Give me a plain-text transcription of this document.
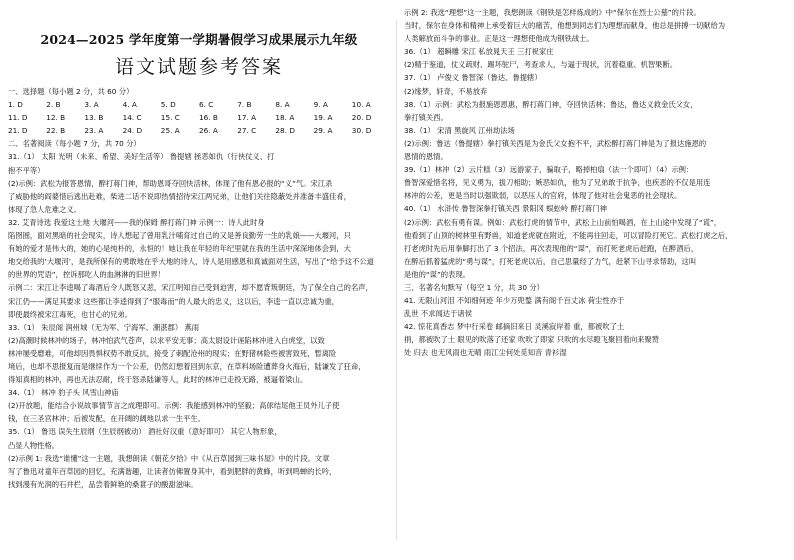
2024—2025 学年度第一学期暑假学习成果展示九年级
语文试题参考答案
一、选择题（每小题 2 分，共 60 分）
1. D	2. B	3. A	4. A	5. D	6. C	7. B	8. A	9. A	10. A
11. D	12. B	13. B	14. C	15. C	16. B	17. A	18. A	19. A	20. D
21. D	22. B	23. A	24. D	25. A	26. A	27. C	28. D	29. A	30. D
二、名著阅读（每小题 7 分，共 70 分）
31.（1） 太阳 光明（未来、希望、美好生活等） 鲁提辖 拯恶如仇（行侠仗义、打
抱不平等）
(2)示例：武松为报答恩情，醉打蒋门神，帮助恩哥夺回快活林，体现了他有恩必报的“义”气。宋江杀
了威胁他的阎婆惜后逃出赴难，柴进二话不说即热情招待宋江两兄弟，让他们关往隐蔽处并准备丰盛佳肴，
体现了急人危难之义。
32. 艾青诗选 我爱这土地 大堰河——我的保姆 醉打蒋门神 示例一：诗人此时身
陷囹圄，面对黑暗的社会现实，诗人想起了曾用乳汁哺育过自己的又是善良勤劳一生的乳娘——大堰河，只
有她的爱才是伟大的，她的心是纯朴的，永恒的！她让我在年轻的年纪里就在我的生活中深深地体会到，大
地交给我的‘大堰河’，是我所保有的勇敢地在乎大地的诗人，诗人是用感恩和真诚面对生活，写出了“给予这不公道
的世界的咒语”，控诉那吃人的血淋淋的旧世界！
示例二：宋江让李逵喝了毒酒后令人既怒又悲，宋江明知自己受到迫害，却不愿背叛朝廷，为了保全自己的名声，
宋江仍——满足其要求 这些都让李逵得到了“服毒而”的人最大的忠义，这以后，李逵一直以忠诚为重，
即使最终被宋江毒死，也甘心的兄弟。
33.（1） 朱辰阁 润州城（无为军、宁海军、潮湛郡） 燕雨
(2)高潮时候林冲的场子，林冲怕武气苍声，以求平安无事；高太尉设计诬陷林冲进入白虎堂，以致
林冲屡受磨难，可他却因畏惧权势不敢反抗，接受了刺配沧州的现实；在野猪林险些被害致死，暂离险
境后，也却不思报复而是继续作为一个公差，仍然幻想着回到东京，在草料场险遭葬身火海后，陆谦发了狂命，
得知真相的林冲，再也无法忍耐，终于怒杀陆谦等人，此时的林冲已走投无路，被逼着梁山。
34.（1） 林冲 豹子头 风雪山神庙
(2)开放题，能结合小说故事情节言之成理即可。示例：我能感到林冲的坚毅；高俅结尾他王员外儿子使
钱，在三圣宫林冲；后被发配，在开阔的阔地以求一生平生。
35.（1） 鲁迅 误失生辰纲（生辰纲被动） 酒社好汉重（意好即可） 其它人物形象，
凸显人物性格。
(2)示例 1: 我选“谁懂”这一主题，我想朗读《朝花夕拾》中《从百草园到三味书屋》中的片段。文章
写了鲁迅对童年百草园的回忆，充满谐趣，让读者仿佛置身其中，看到肥胖的黄蜂，听到鸣蝉的长吟，
找到漫有光润的石井栏，品尝着鲜艳的桑葚子的酸甜滋味。
示例 2: 我选“理想”这一主题，我想朗读《钢铁是怎样炼成的》中“保尔在烈士公墓”的片段。
当时，保尔在身体和精神上承受着巨大的痛苦，他想到同志们为理想而献身，他总是拼搏一切献给为
人类解放而斗争的事业。正是这一理想使他成为钢铁战士。
36.（1） 超瞬雕 宋江 私放晁天王 三打祝家庄
(2)精于鉴道，仗义疏财、踢坏鸵尸，考查求人，与逼于现状，沉着稳重、机智果断。
37.（1） 卢俊义 鲁智深（鲁达、鲁提辖）
(2)缘梦，轩奇，不易放弃
38.（1）示例：武松为报施恩恩惠，醉打蒋门神，夺回快活林；鲁达，鲁达义救金氏父女，
拳打镇关西。
38.（1） 宋清 黑旋风 江州劫法场
(2)示例：鲁达（鲁提辖）拳打镇关西是为金氏父女抱不平，武松醉打蒋门神是为了报达施恩的
恩情的恩情。
39.（1）林冲（2）云片糕（3）远游家子，骗取子，略掉柏扇（法一个即可）（4）示例：
鲁智深爱惜名将，见义勇为，拔刀相助；嫉恶如仇，他为了兄弟敢于抗争，也疾恶的不仅是用连
林冲的公差，更是当时以强欺弱，以恶压人的官府，体现了他对社会鬼恶的社会现状。
40.（1） 水浒传 鲁智深拳打镇关西 景阳冈 蜈蚣岭 醉打蒋门神
(2)示例：武松有勇有谋。例如：武松打虎的情节中，武松上山前怕喝酒，在上山途中发现了“谎”，
他看到了山顶的树林里有野兽，知道老虎就在附近，不能再往回走，可以冒险打死它。武松打虎之后，
打老虎时先后用拳脚打出了 3 个招法，再次表现他的“谋”，而打死老虎后赶跑，在醉酒后，
在醉后抓着猛虎的“勇与谋”，打死老虎以后，自己思量经了力气，赶紧下山寻求帮助，这叫
是他的“谋”的表现。
三、名著名句默写（每空 1 分，共 30 分）
41. 无限山河泪 不知细何迹 年少万兜鍪 满有阁千百丈冰 荷尘性亦于
乱世 不求闻达于诸侯
42. 惊花真香志 梦中行采卷 邮摘旧来日 灵溪寂岸着 重，都被吹了土
捐，都被吹了土 眼见的吹落了还家 吹吹了即家 只吹的水尽瞪飞聚回着向来聚赞
处 归去 也无风雨也无晴 雨江尘何处觅知音 青衫湿
